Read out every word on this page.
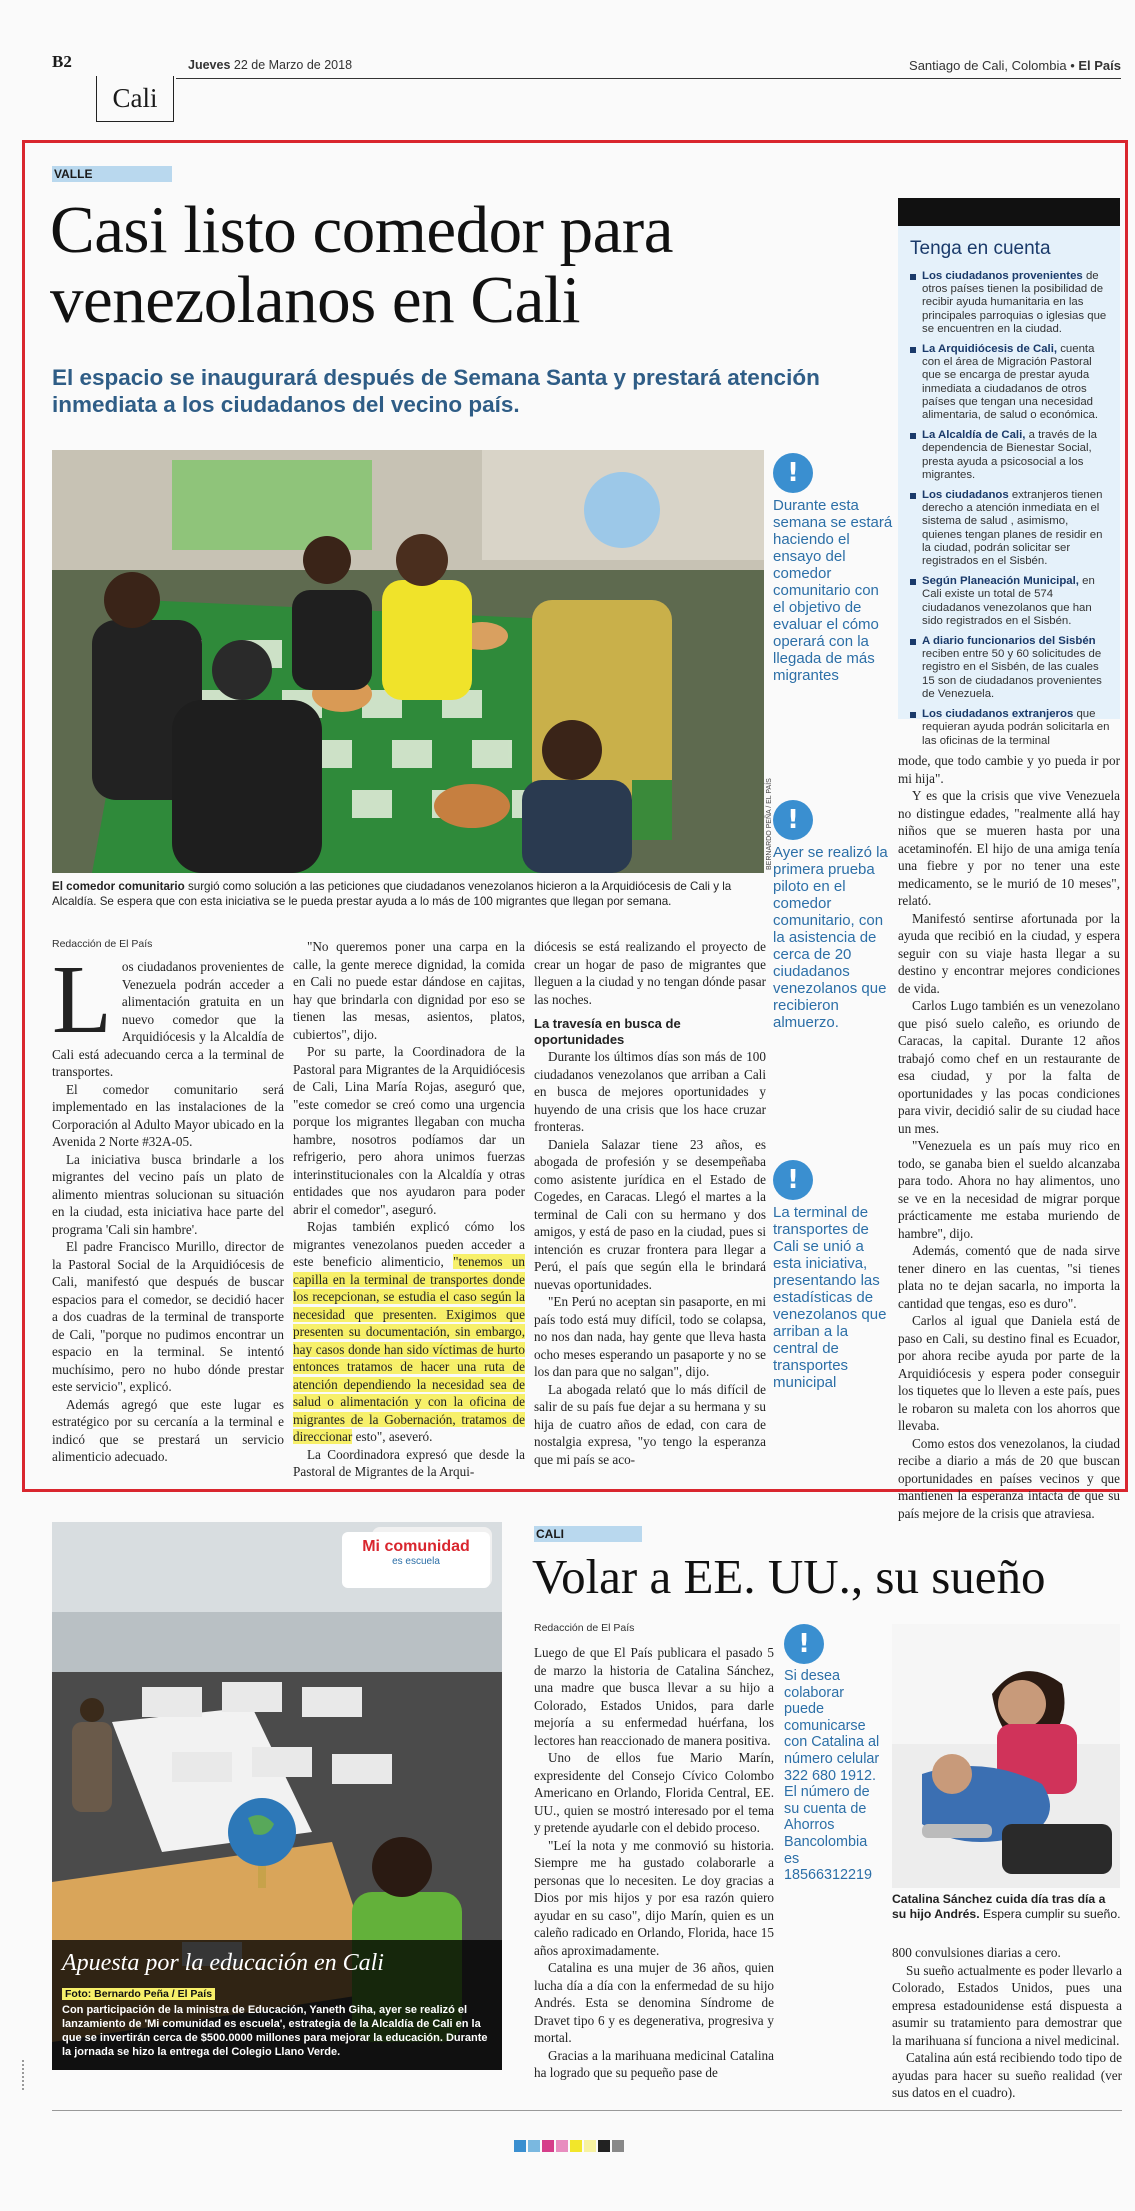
B2	Jueves 22 de Marzo de 2018
Cali
Santiago de Cali, Colombia • El País
VALLE
Casi listo comedor para
venezolanos en Cali
El espacio se inaugurará después de Semana Santa y prestará atención inmediata a los ciudadanos del vecino país.
BERNARDO PEÑA / EL PAÍS
El comedor comunitario surgió como solución a las peticiones que ciudadanos venezolanos hicieron a la Arquidiócesis de Cali y la Alcaldía. Se espera que con esta iniciativa se le pueda prestar ayuda a lo más de 100 migrantes que llegan por semana.
!
Durante esta semana se estará haciendo el ensayo del comedor comunitario con el objetivo de evaluar el cómo operará con la llegada de más migrantes
!
Ayer se realizó la primera prueba piloto en el comedor comunitario, con la asistencia de cerca de 20 ciudadanos venezolanos que recibieron almuerzo.
!
La terminal de transportes de Cali se unió a esta iniciativa, presentando las estadísticas de venezolanos que arriban a la central de transportes municipal
Tenga en cuenta
Los ciudadanos provenientes de otros países tienen la posibilidad de recibir ayuda humanitaria en las principales parroquias o iglesias que se encuentren en la ciudad.
La Arquidiócesis de Cali, cuenta con el área de Migración Pastoral que se encarga de prestar ayuda inmediata a ciudadanos de otros países que tengan una necesidad alimentaria, de salud o económica.
La Alcaldía de Cali, a través de la dependencia de Bienestar Social, presta ayuda a psicosocial a los migrantes.
Los ciudadanos extranjeros tienen derecho a atención inmediata en el sistema de salud , asimismo, quienes tengan planes de residir en la ciudad, podrán solicitar ser registrados en el Sisbén.
Según Planeación Municipal, en Cali existe un total de 574 ciudadanos venezolanos que han sido registrados en el Sisbén.
A diario funcionarios del Sisbén reciben entre 50 y 60 solicitudes de registro en el Sisbén, de las cuales 15 son de ciudadanos provenientes de Venezuela.
Los ciudadanos extranjeros que requieran ayuda podrán solicitarla en las oficinas de la terminal
Redacción de El País
L os ciudadanos provenientes de Venezuela podrán acceder a alimentación gratuita en un nuevo comedor que la Arquidiócesis y la Alcaldía de Cali está adecuando cerca a la terminal de transportes.

El comedor comunitario será implementado en las instalaciones de la Corporación al Adulto Mayor ubicado en la Avenida 2 Norte #32A-05.

La iniciativa busca brindarle a los migrantes del vecino país un plato de alimento mientras solucionan su situación en la ciudad, esta iniciativa hace parte del programa 'Cali sin hambre'.

El padre Francisco Murillo, director de la Pastoral Social de la Arquidiócesis de Cali, manifestó que después de buscar espacios para el comedor, se decidió hacer a dos cuadras de la terminal de transporte de Cali, "porque no pudimos encontrar un espacio en la terminal. Se intentó muchísimo, pero no hubo dónde prestar este servicio", explicó.

Además agregó que este lugar es estratégico por su cercanía a la terminal e indicó que se prestará un servicio alimenticio adecuado.

"No queremos poner una carpa en la calle, la gente merece dignidad, la comida en Cali no puede estar dándose en cajitas, hay que brindarla con dignidad por eso se tienen las mesas, asientos, platos, cubiertos", dijo.

Por su parte, la Coordinadora de la Pastoral para Migrantes de la Arquidiócesis de Cali, Lina María Rojas, aseguró que, "este comedor se creó como una urgencia porque los migrantes llegaban con mucha hambre, nosotros podíamos dar un refrigerio, pero ahora unimos fuerzas interinstitucionales con la Alcaldía y otras entidades que nos ayudaron para poder abrir el comedor", aseguró.

Rojas también explicó cómo los migrantes venezolanos pueden acceder a este beneficio alimenticio, "tenemos un capilla en la terminal de transportes donde los recepcionan, se estudia el caso según la necesidad que presenten. Exigimos que presenten su documentación, sin embargo, hay casos donde han sido víctimas de hurto entonces tratamos de hacer una ruta de atención dependiendo la necesidad sea de salud o alimentación y con la oficina de migrantes de la Gobernación, tratamos de direccionar esto", aseveró.

La Coordinadora expresó que desde la Pastoral de Migrantes de la Arqui-

diócesis se está realizando el proyecto de crear un hogar de paso de migrantes que lleguen a la ciudad y no tengan dónde pasar las noches.

La travesía en busca de oportunidades

Durante los últimos días son más de 100 ciudadanos venezolanos que arriban a Cali en busca de mejores oportunidades y huyendo de una crisis que los hace cruzar fronteras.

Daniela Salazar tiene 23 años, es abogada de profesión y se desempeñaba como asistente jurídica en el Estado de Cogedes, en Caracas. Llegó el martes a la terminal de Cali con su hermano y dos amigos, y está de paso en la ciudad, pues si intención es cruzar frontera para llegar a Perú, el país que según ella le brindará nuevas oportunidades.

"En Perú no aceptan sin pasaporte, en mi país todo está muy difícil, todo se colapsa, no nos dan nada, hay gente que lleva hasta ocho meses esperando un pasaporte y no se los dan para que no salgan", dijo.

La abogada relató que lo más difícil de salir de su país fue dejar a su hermana y su hija de cuatro años de edad, con cara de nostalgia expresa, "yo tengo la esperanza que mi país se aco-

mode, que todo cambie y yo pueda ir por mi hija".

Y es que la crisis que vive Venezuela no distingue edades, "realmente allá hay niños que se mueren hasta por una acetaminofén. El hijo de una amiga tenía una fiebre y por no tener una este medicamento, se le murió de 10 meses", relató.

Manifestó sentirse afortunada por la ayuda que recibió en la ciudad, y espera seguir con su viaje hasta llegar a su destino y encontrar mejores condiciones de vida.

Carlos Lugo también es un venezolano que pisó suelo caleño, es oriundo de Caracas, la capital. Durante 12 años trabajó como chef en un restaurante de esa ciudad, y por la falta de oportunidades y las pocas condiciones para vivir, decidió salir de su ciudad hace un mes.

"Venezuela es un país muy rico en todo, se ganaba bien el sueldo alcanzaba para todo. Ahora no hay alimentos, uno se ve en la necesidad de migrar porque prácticamente me estaba muriendo de hambre", dijo.

Además, comentó que de nada sirve tener dinero en las cuentas, "si tienes plata no te dejan sacarla, no importa la cantidad que tengas, eso es duro".

Carlos al igual que Daniela está de paso en Cali, su destino final es Ecuador, por ahora recibe ayuda por parte de la Arquidiócesis y espera poder conseguir los tiquetes que lo lleven a este país, pues le robaron su maleta con los ahorros que llevaba.

Como estos dos venezolanos, la ciudad recibe a diario a más de 20 que buscan oportunidades en países vecinos y que mantienen la esperanza intacta de que su país mejore de la crisis que atraviesa.

Mi comunidad
es escuela
Apuesta por la educación en Cali
Foto: Bernardo Peña / El País
Con participación de la ministra de Educación, Yaneth Giha, ayer se realizó el lanzamiento de 'Mi comunidad es escuela', estrategia de la Alcaldía de Cali en la que se invertirán cerca de $500.0000 millones para mejorar la educación. Durante la jornada se hizo la entrega del Colegio Llano Verde.
CALI
Volar a EE. UU., su sueño
Redacción de El País

Luego de que El País publicara el pasado 5 de marzo la historia de Catalina Sánchez, una madre que busca llevar a su hijo a Colorado, Estados Unidos, para darle mejoría a su enfermedad huérfana, los lectores han reaccionado de manera positiva.

Uno de ellos fue Mario Marín, expresidente del Consejo Cívico Colombo Americano en Orlando, Florida Central, EE. UU., quien se mostró interesado por el tema y pretende ayudarle con el debido proceso.

"Leí la nota y me conmovió su historia. Siempre me ha gustado colaborarle a personas que lo necesiten. Le doy gracias a Dios por mis hijos y por esa razón quiero ayudar en su caso", dijo Marín, quien es un caleño radicado en Orlando, Florida, hace 15 años aproximadamente.

Catalina es una mujer de 36 años, quien lucha día a día con la enfermedad de su hijo Andrés. Esta se denomina Síndrome de Dravet tipo 6 y es degenerativa, progresiva y mortal.

Gracias a la marihuana medicinal Catalina ha logrado que su pequeño pase de

!
Si desea colaborar puede comunicarse con Catalina al número celular 322 680 1912. El número de su cuenta de Ahorros Bancolombia es 18566312219
Catalina Sánchez cuida día tras día a su hijo Andrés. Espera cumplir su sueño.

800 convulsiones diarias a cero.

Su sueño actualmente es poder llevarlo a Colorado, Estados Unidos, pues una empresa estadounidense está dispuesta a asumir su tratamiento para demostrar que la marihuana sí funciona a nivel medicinal.

Catalina aún está recibiendo todo tipo de ayudas para hacer su sueño realidad (ver sus datos en el cuadro).
